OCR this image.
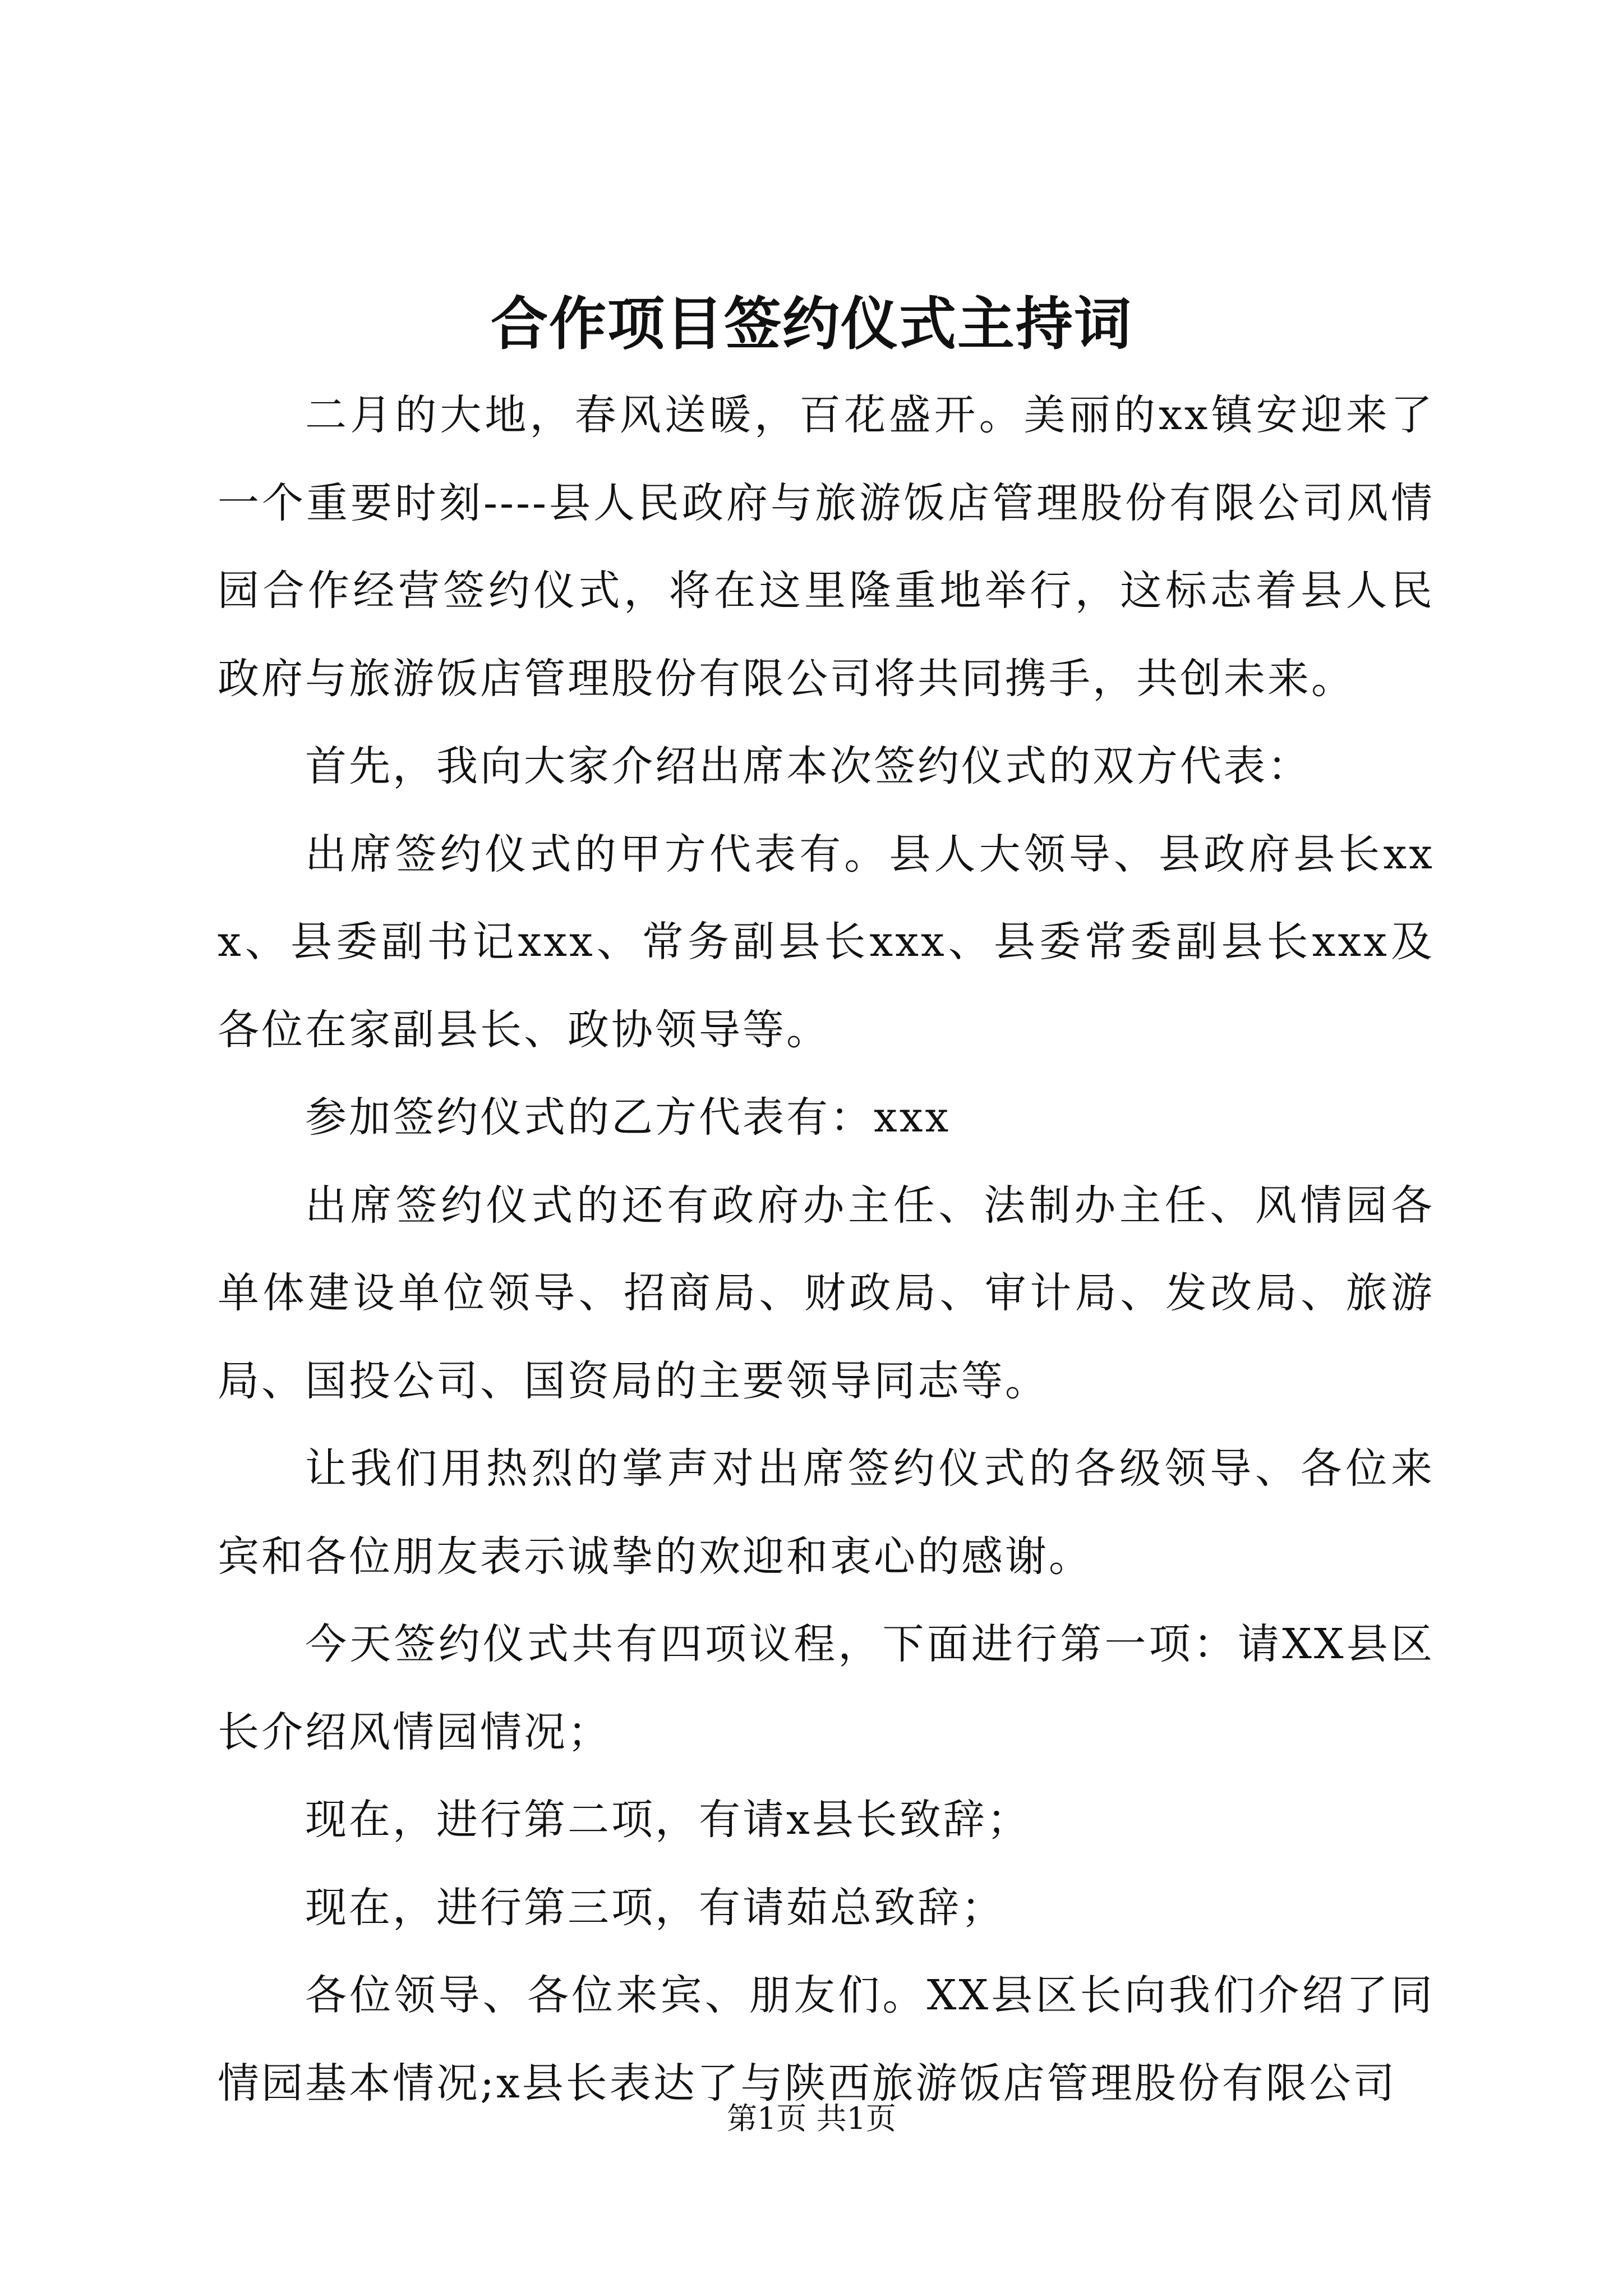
合作项目签约仪式主持词

二月的大地，春风送暖，百花盛开。美丽的xx镇安迎来了一个重要时刻----县人民政府与旅游饭店管理股份有限公司风情园合作经营签约仪式，将在这里隆重地举行，这标志着县人民政府与旅游饭店管理股份有限公司将共同携手，共创未来。

首先，我向大家介绍出席本次签约仪式的双方代表：

出席签约仪式的甲方代表有。县人大领导、县政府县长xxx、县委副书记xxx、常务副县长xxx、县委常委副县长xxx及各位在家副县长、政协领导等。

参加签约仪式的乙方代表有：xxx

出席签约仪式的还有政府办主任、法制办主任、风情园各单体建设单位领导、招商局、财政局、审计局、发改局、旅游局、国投公司、国资局的主要领导同志等。

让我们用热烈的掌声对出席签约仪式的各级领导、各位来宾和各位朋友表示诚挚的欢迎和衷心的感谢。

今天签约仪式共有四项议程，下面进行第一项：请XX县区长介绍风情园情况；

现在，进行第二项，有请x县长致辞；

现在，进行第三项，有请茹总致辞；

各位领导、各位来宾、朋友们。XX县区长向我们介绍了同情园基本情况;x县长表达了与陕西旅游饭店管理股份有限公司

第1页 共1页
